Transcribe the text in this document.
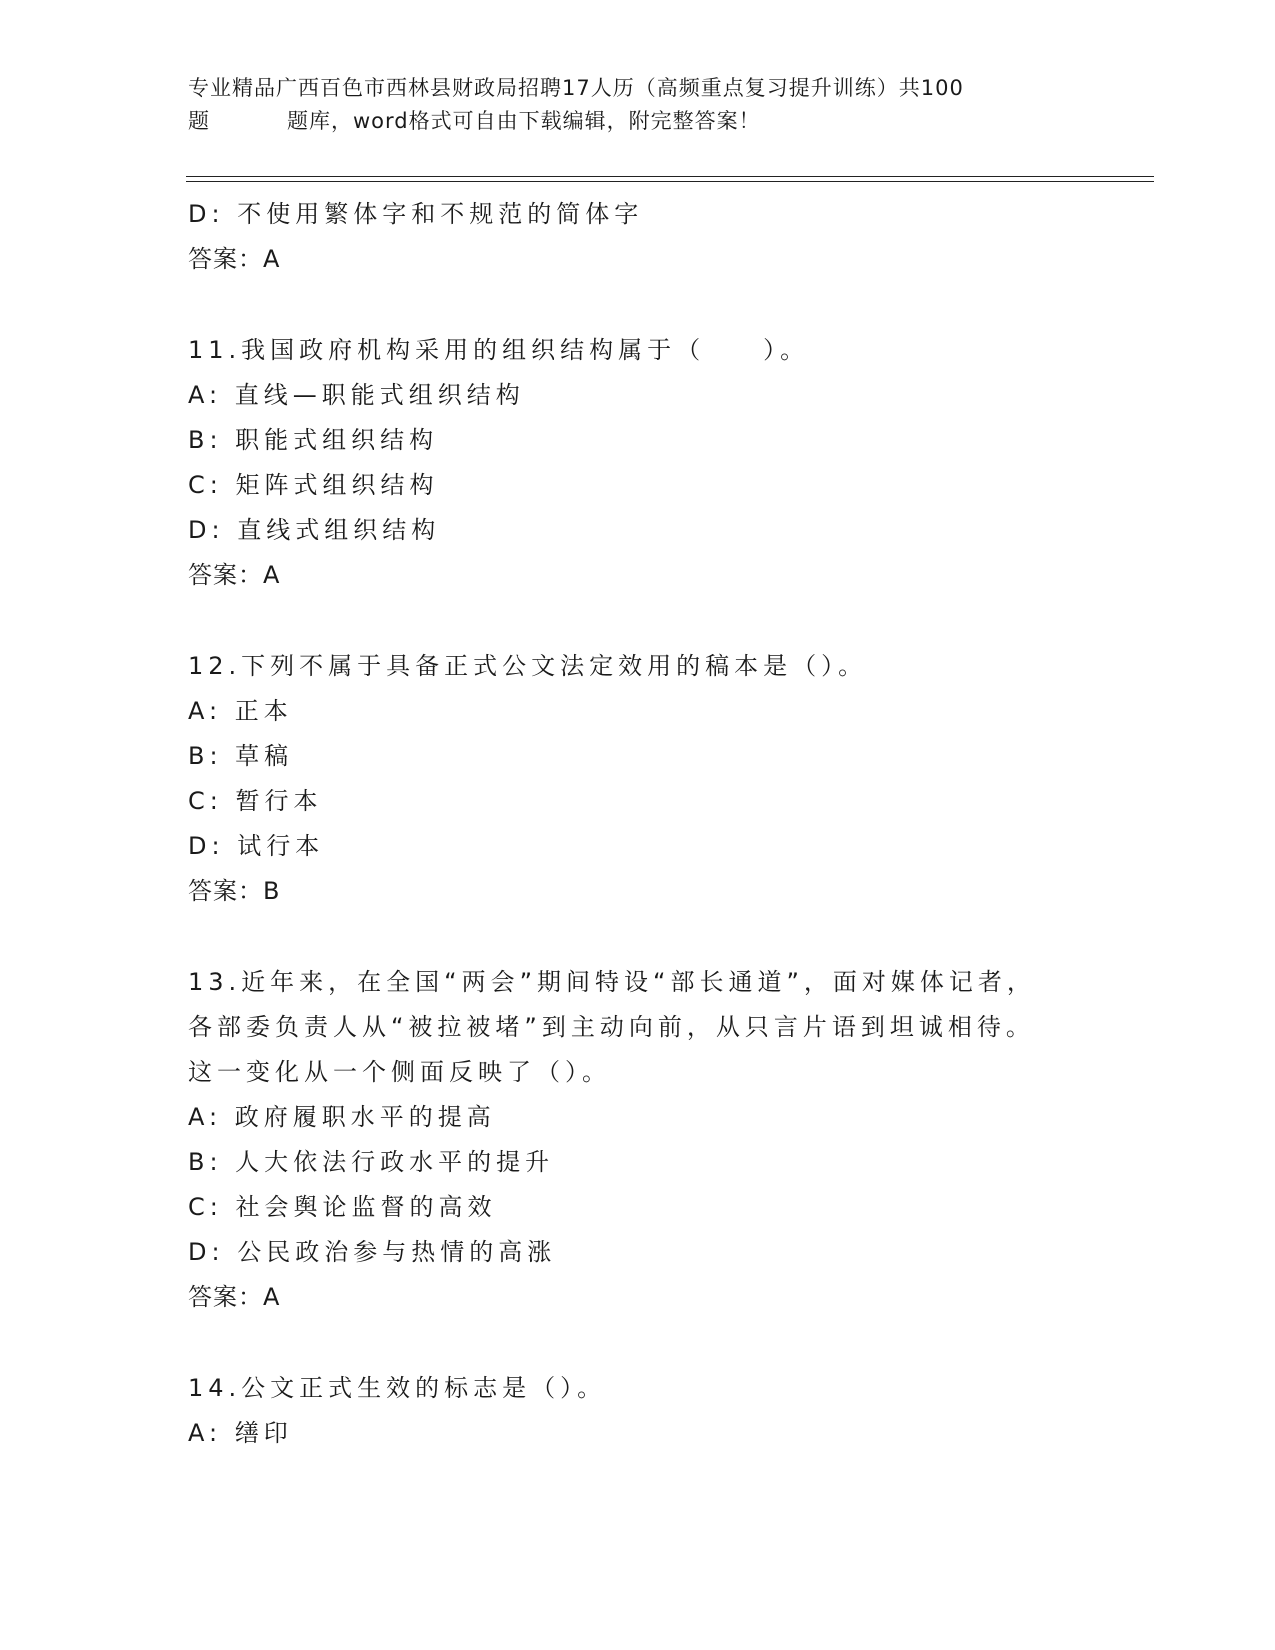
专业精品广西百色市西林县财政局招聘17人历（高频重点复习提升训练）共100
题	题库，word格式可自由下载编辑，附完整答案！
D: 不使用繁体字和不规范的简体字
答案：A
11.我国政府机构采用的组织结构属于（　　）。
A: 直线—职能式组织结构
B: 职能式组织结构
C: 矩阵式组织结构
D: 直线式组织结构
答案：A
12.下列不属于具备正式公文法定效用的稿本是（）。
A: 正本
B: 草稿
C: 暂行本
D: 试行本
答案：B
13.近年来，在全国“两会”期间特设“部长通道”，面对媒体记者，
各部委负责人从“被拉被堵”到主动向前，从只言片语到坦诚相待。
这一变化从一个侧面反映了（）。
A: 政府履职水平的提高
B: 人大依法行政水平的提升
C: 社会舆论监督的高效
D: 公民政治参与热情的高涨
答案：A
14.公文正式生效的标志是（）。
A: 缮印
